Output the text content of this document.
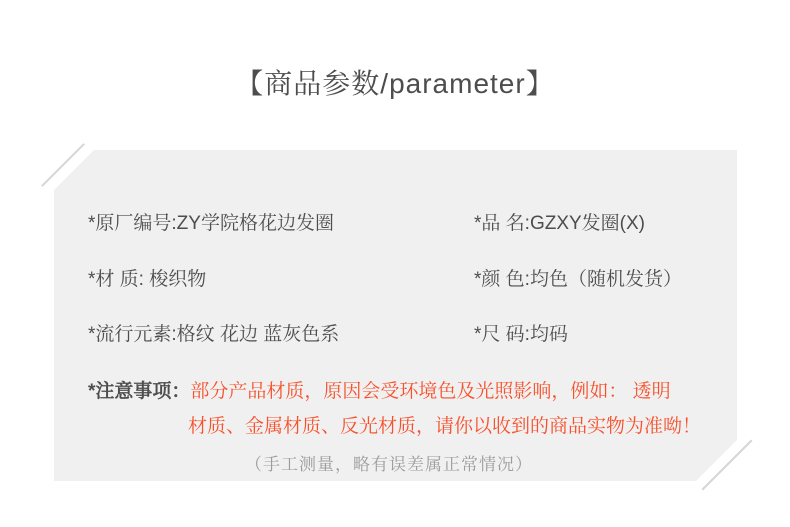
【商品参数/parameter】
*原厂编号:ZY学院格花边发圈	*品 名:GZXY发圈(X)
*材 质: 梭织物	*颜 色:均色（随机发货）
*流行元素:格纹 花边 蓝灰色系	*尺 码:均码
*注意事项：部分产品材质，原因会受环境色及光照影响，例如： 透明
材质、金属材质、反光材质，请你以收到的商品实物为准呦！
（手工测量，略有误差属正常情况）
